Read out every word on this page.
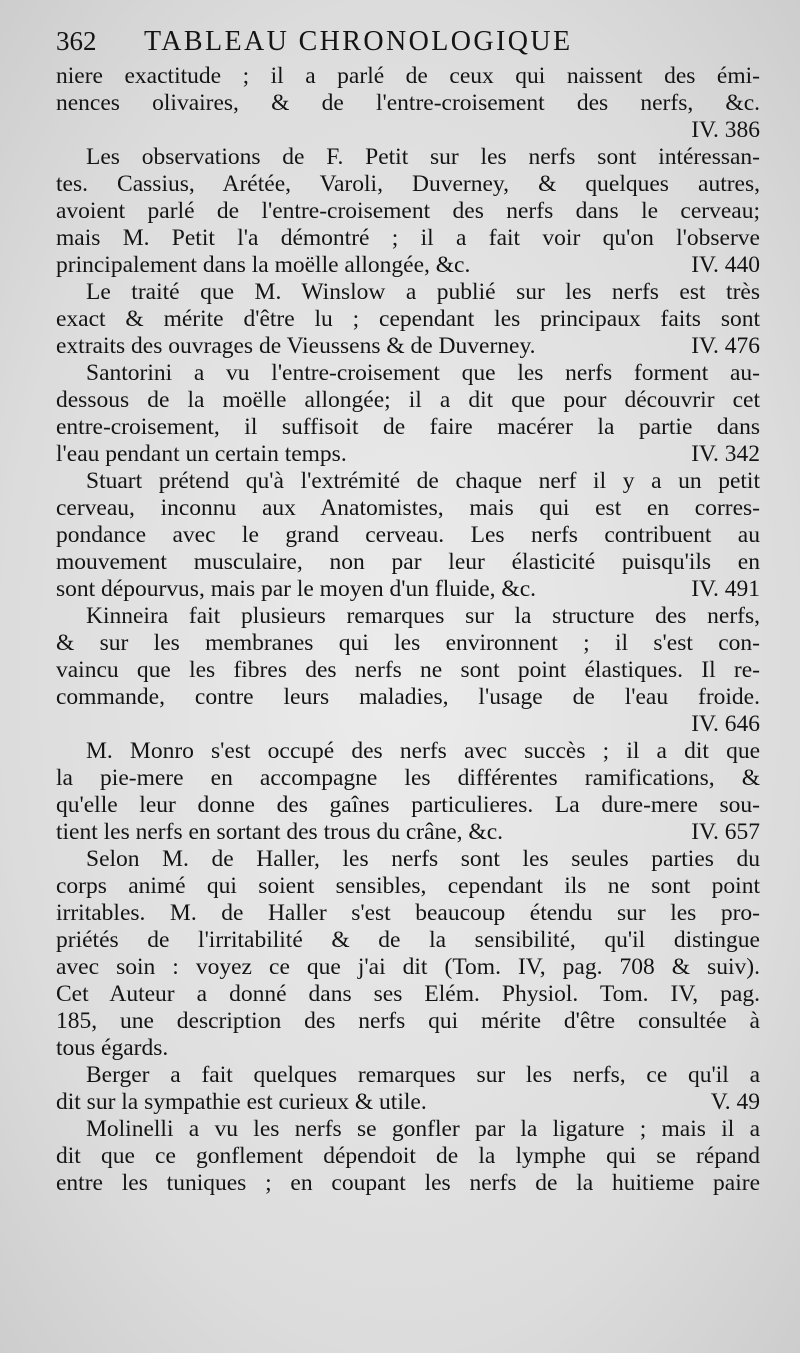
362	TABLEAU CHRONOLOGIQUE
niere exactitude ; il a parlé de ceux qui naissent des émi-
nences olivaires, & de l'entre-croisement des nerfs, &c.
IV. 386
Les observations de F. Petit sur les nerfs sont intéressan-
tes. Cassius, Arétée, Varoli, Duverney, & quelques autres,
avoient parlé de l'entre-croisement des nerfs dans le cerveau;
mais M. Petit l'a démontré ; il a fait voir qu'on l'observe
IV. 440
principalement dans la moëlle allongée, &c.
Le traité que M. Winslow a publié sur les nerfs est très
exact & mérite d'être lu ; cependant les principaux faits sont
IV. 476
extraits des ouvrages de Vieussens & de Duverney.
Santorini a vu l'entre-croisement que les nerfs forment au-
dessous de la moëlle allongée; il a dit que pour découvrir cet
entre-croisement, il suffisoit de faire macérer la partie dans
IV. 342
l'eau pendant un certain temps.
Stuart prétend qu'à l'extrémité de chaque nerf il y a un petit
cerveau, inconnu aux Anatomistes, mais qui est en corres-
pondance avec le grand cerveau. Les nerfs contribuent au
mouvement musculaire, non par leur élasticité puisqu'ils en
IV. 491
sont dépourvus, mais par le moyen d'un fluide, &c.
Kinneira fait plusieurs remarques sur la structure des nerfs,
& sur les membranes qui les environnent ; il s'est con-
vaincu que les fibres des nerfs ne sont point élastiques. Il re-
commande, contre leurs maladies, l'usage de l'eau froide.
IV. 646
M. Monro s'est occupé des nerfs avec succès ; il a dit que
la pie-mere en accompagne les différentes ramifications, &
qu'elle leur donne des gaînes particulieres. La dure-mere sou-
IV. 657
tient les nerfs en sortant des trous du crâne, &c.
Selon M. de Haller, les nerfs sont les seules parties du
corps animé qui soient sensibles, cependant ils ne sont point
irritables. M. de Haller s'est beaucoup étendu sur les pro-
priétés de l'irritabilité & de la sensibilité, qu'il distingue
avec soin : voyez ce que j'ai dit (Tom. IV, pag. 708 & suiv).
Cet Auteur a donné dans ses Elém. Physiol. Tom. IV, pag.
185, une description des nerfs qui mérite d'être consultée à
tous égards.
Berger a fait quelques remarques sur les nerfs, ce qu'il a
V. 49
dit sur la sympathie est curieux & utile.
Molinelli a vu les nerfs se gonfler par la ligature ; mais il a
dit que ce gonflement dépendoit de la lymphe qui se répand
entre les tuniques ; en coupant les nerfs de la huitieme paire
